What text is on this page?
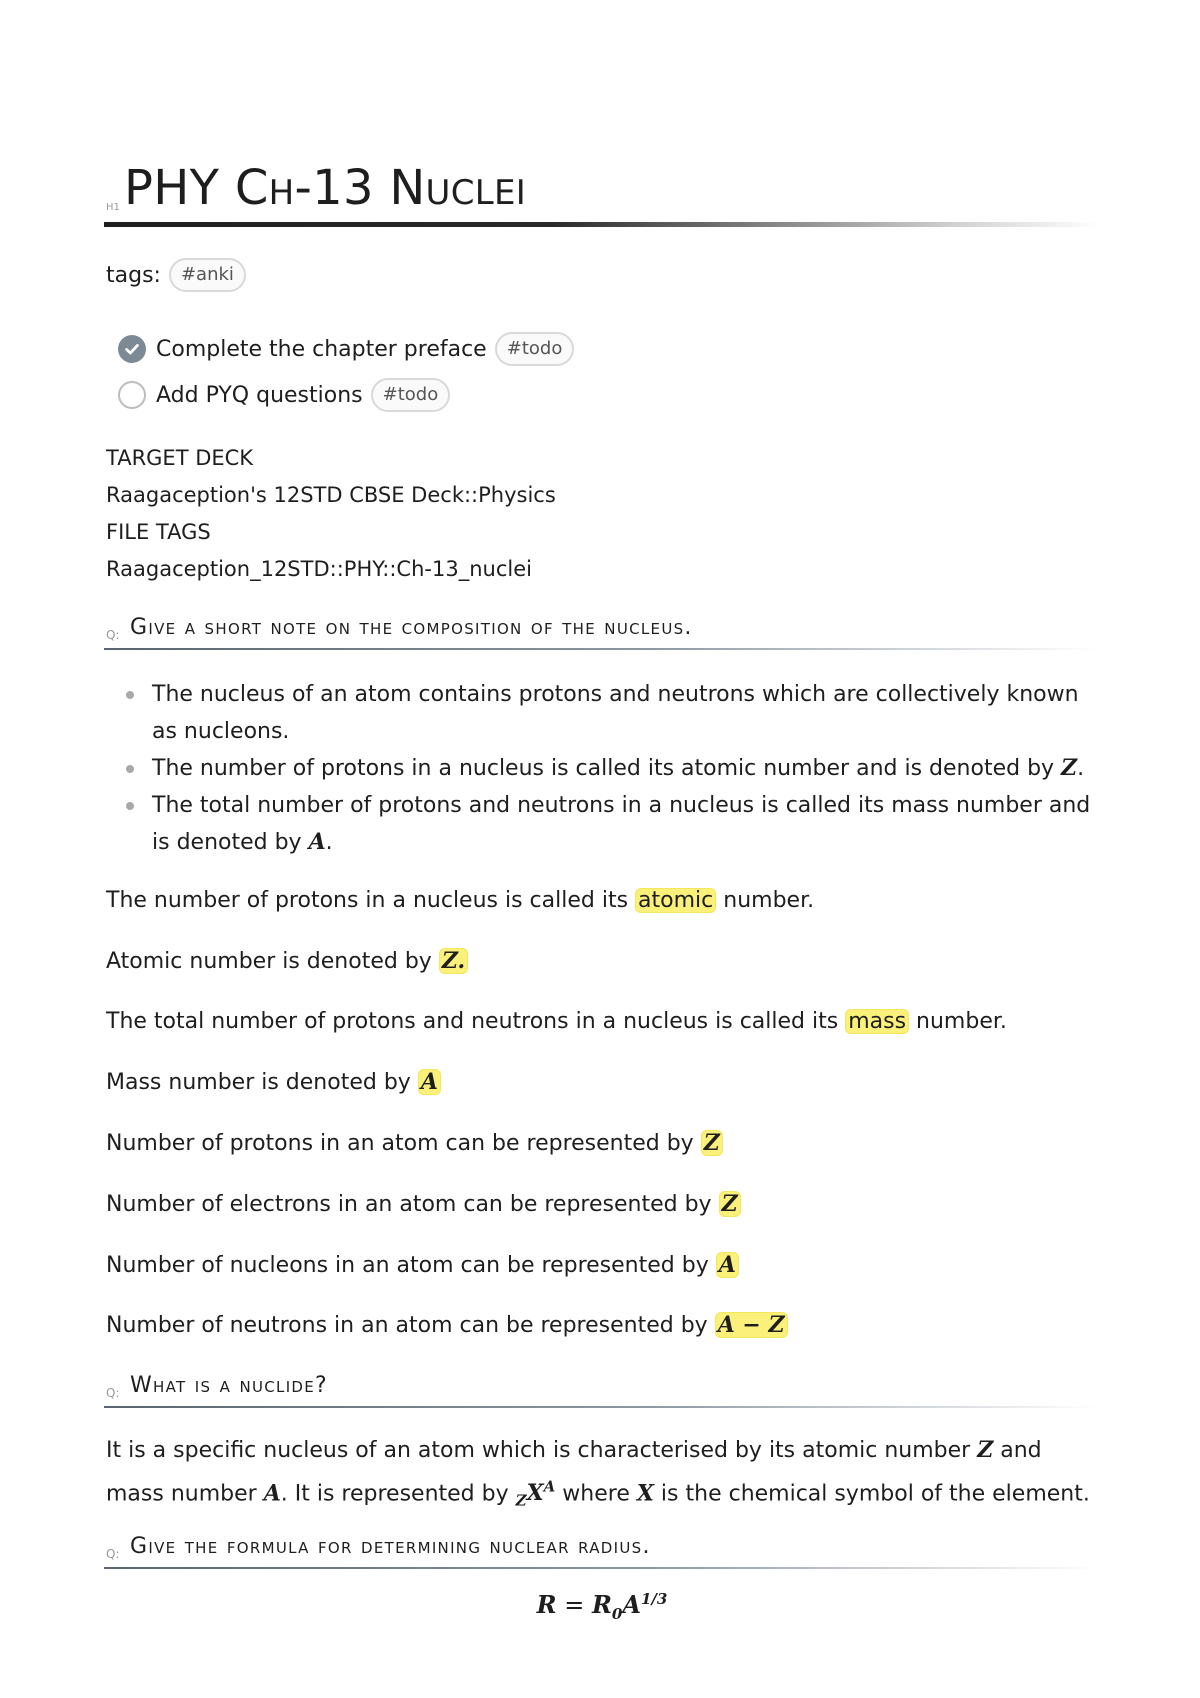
H1 PHY Ch-13 Nuclei
tags:	#anki
Complete the chapter preface	#todo
Add PYQ questions	#todo
TARGET DECK
Raagaception's 12STD CBSE Deck::Physics
FILE TAGS
Raagaception_12STD::PHY::Ch-13_nuclei
Q: Give a short note on the composition of the nucleus.
The nucleus of an atom contains protons and neutrons which are collectively known as nucleons.
The number of protons in a nucleus is called its atomic number and is denoted by Z.
The total number of protons and neutrons in a nucleus is called its mass number and is denoted by A.
The number of protons in a nucleus is called its atomic number.
Atomic number is denoted by Z.
The total number of protons and neutrons in a nucleus is called its mass number.
Mass number is denoted by A
Number of protons in an atom can be represented by Z
Number of electrons in an atom can be represented by Z
Number of nucleons in an atom can be represented by A
Number of neutrons in an atom can be represented by A − Z
Q: What is a nuclide?
It is a specific nucleus of an atom which is characterised by its atomic number Z and mass number A. It is represented by $_ZX^A$ where X is the chemical symbol of the element.
Q: Give the formula for determining nuclear radius.
$R = R_0A^{1/3}$
